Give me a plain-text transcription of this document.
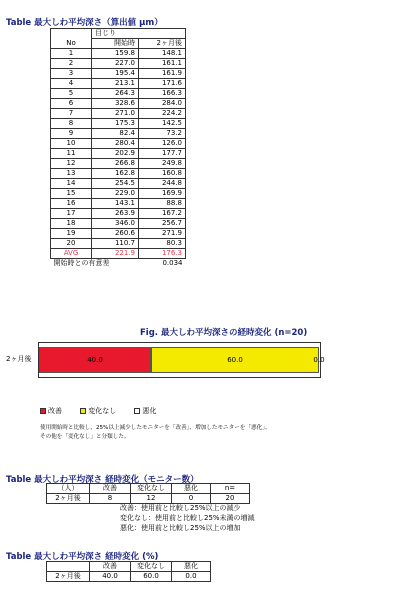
Table 最大しわ平均深さ（算出値 μm）
	目じり	
No	開始時	2ヶ月後
1	159.8	148.1
2	227.0	161.1
3	195.4	161.9
4	213.1	171.6
5	264.3	166.3
6	328.6	284.0
7	271.0	224.2
8	175.3	142.5
9	82.4	73.2
10	280.4	126.0
11	202.9	177.7
12	266.8	249.8
13	162.8	160.8
14	254.5	244.8
15	229.0	169.9
16	143.1	88.8
17	263.9	167.2
18	346.0	256.7
19	260.6	271.9
20	110.7	80.3
AVG	221.9	176.3
開始時との有意差		0.034
Fig. 最大しわ平均深さの経時変化 (n=20)
2ヶ月後	40.0	60.0	0.0
改善	変化なし	悪化
使用開始時と比較し、25%以上減少したモニターを「改善」、増加したモニターを「悪化」、
その他を「変化なし」と分類した。
Table 最大しわ平均深さ 経時変化（モニター数）
（人）	改善	変化なし	悪化	n=
2ヶ月後	8	12	0	20
改善：使用前と比較し25%以上の減少
変化なし：使用前と比較し25%未満の増減
悪化：使用前と比較し25%以上の増加
Table 最大しわ平均深さ 経時変化 (%)
	改善	変化なし	悪化
2ヶ月後	40.0	60.0	0.0
